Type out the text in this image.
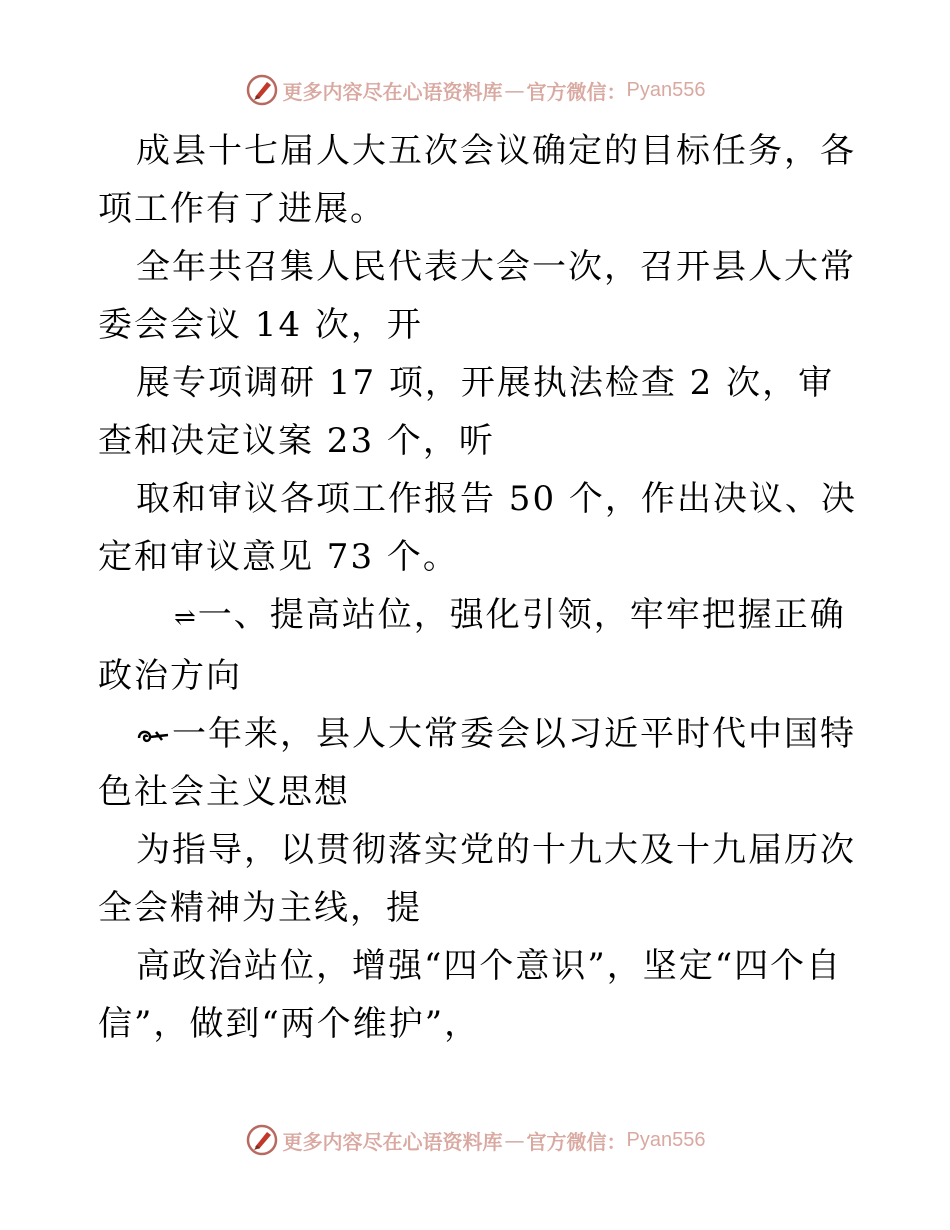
更多内容尽在心语资料库 — 官方微信： Pyan556

成县十七届人大五次会议确定的目标任务，各项工作有了进展。

全年共召集人民代表大会一次，召开县人大常委会会议 14 次，开

展专项调研 17 项，开展执法检查 2 次，审查和决定议案 23 个，听

取和审议各项工作报告 50 个，作出决议、决定和审议意见 73 个。

⇌一、提高站位，强化引领，牢牢把握正确政治方向

一年来，县人大常委会以习近平时代中国特色社会主义思想

为指导，以贯彻落实党的十九大及十九届历次全会精神为主线，提

高政治站位，增强“四个意识”，坚定“四个自信”，做到“两个维护”，

更多内容尽在心语资料库 — 官方微信： Pyan556
